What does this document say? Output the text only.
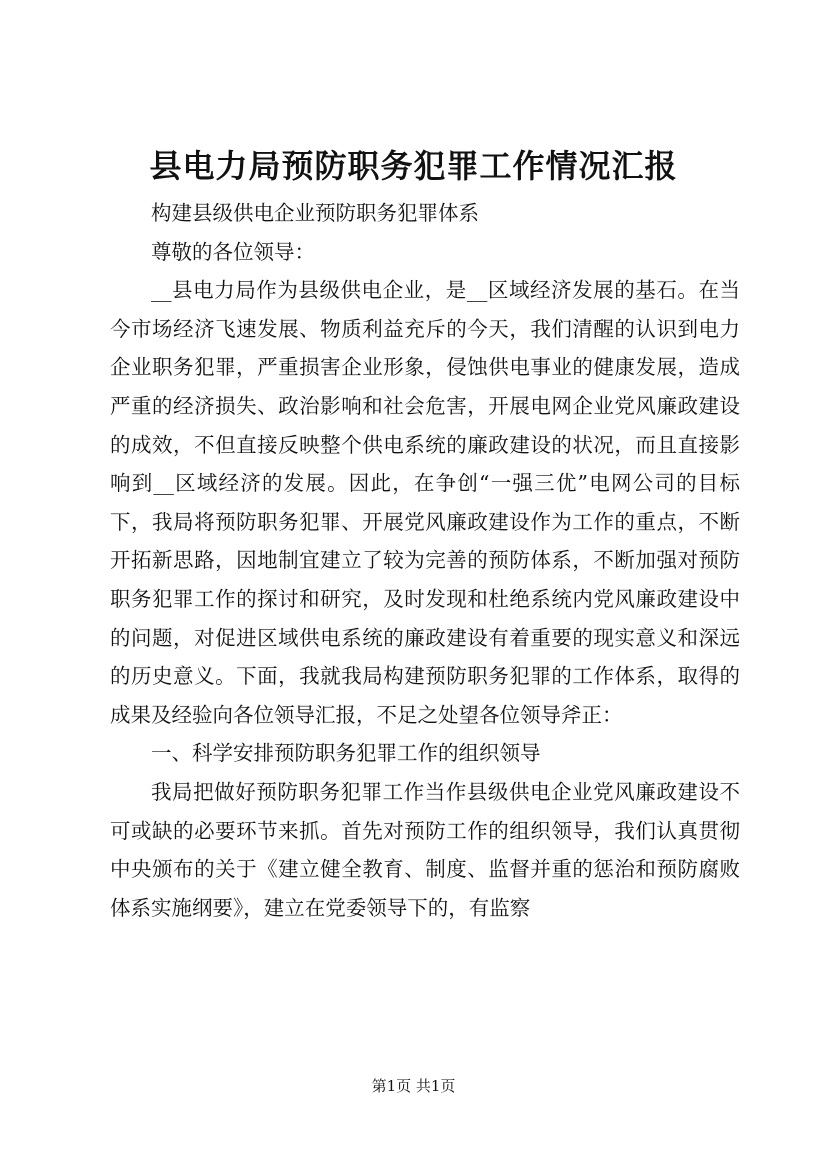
县电力局预防职务犯罪工作情况汇报

构建县级供电企业预防职务犯罪体系

尊敬的各位领导：

__县电力局作为县级供电企业，是__区域经济发展的基石。在当今市场经济飞速发展、物质利益充斥的今天，我们清醒的认识到电力企业职务犯罪，严重损害企业形象，侵蚀供电事业的健康发展，造成严重的经济损失、政治影响和社会危害，开展电网企业党风廉政建设的成效，不但直接反映整个供电系统的廉政建设的状况，而且直接影响到__区域经济的发展。因此，在争创“一强三优”电网公司的目标下，我局将预防职务犯罪、开展党风廉政建设作为工作的重点，不断开拓新思路，因地制宜建立了较为完善的预防体系，不断加强对预防职务犯罪工作的探讨和研究，及时发现和杜绝系统内党风廉政建设中的问题，对促进区域供电系统的廉政建设有着重要的现实意义和深远的历史意义。下面，我就我局构建预防职务犯罪的工作体系，取得的成果及经验向各位领导汇报，不足之处望各位领导斧正：

一、科学安排预防职务犯罪工作的组织领导

我局把做好预防职务犯罪工作当作县级供电企业党风廉政建设不可或缺的必要环节来抓。首先对预防工作的组织领导，我们认真贯彻中央颁布的关于《建立健全教育、制度、监督并重的惩治和预防腐败体系实施纲要》，建立在党委领导下的，有监察

第1页 共1页
